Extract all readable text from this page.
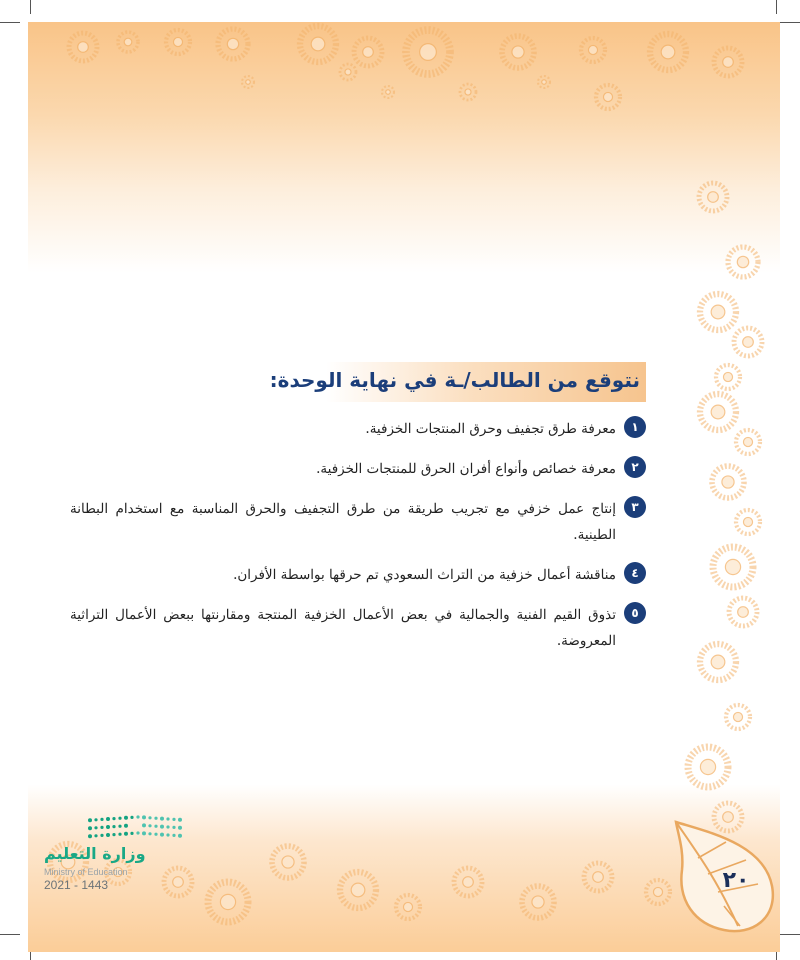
نتوقع من الطالب/ـة في نهاية الوحدة:
١
معرفة طرق تجفيف وحرق المنتجات الخزفية.
٢
معرفة خصائص وأنواع أفران الحرق للمنتجات الخزفية.
٣
إنتاج عمل خزفي مع تجريب طريقة من طرق التجفيف والحرق المناسبة مع استخدام البطانة الطينية.
٤
مناقشة أعمال خزفية من التراث السعودي تم حرقها بواسطة الأفران.
٥
تذوق القيم الفنية والجمالية في بعض الأعمال الخزفية المنتجة ومقارنتها ببعض الأعمال التراثية المعروضة.
٢٠
وزارة التعليم
Ministry of Education
2021 - 1443
